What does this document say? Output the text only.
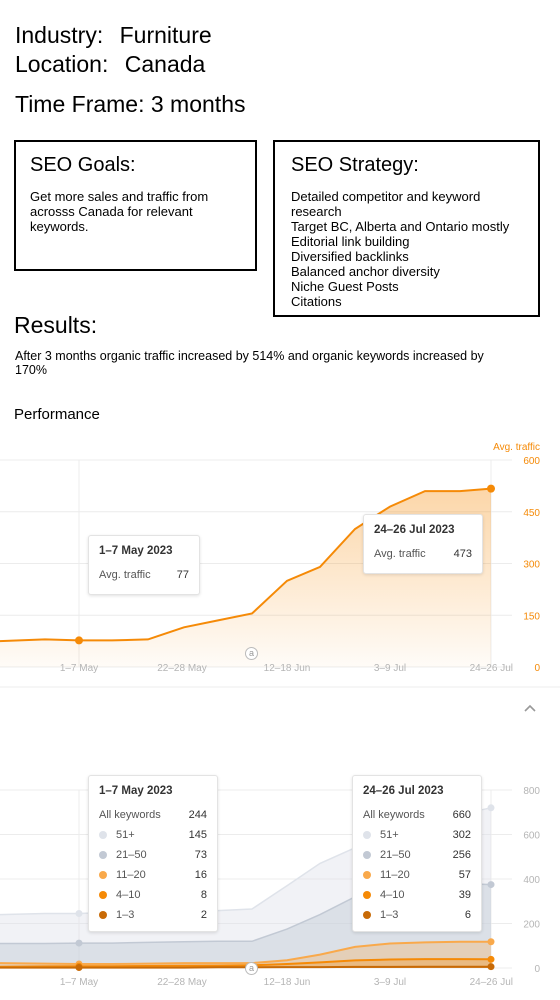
Industry: Furniture
Location: Canada
Time Frame: 3 months
SEO Goals:
Get more sales and traffic from acrosss Canada for relevant keywords.
SEO Strategy:
Detailed competitor and keyword research
Target BC, Alberta and Ontario mostly
Editorial link building
Diversified backlinks
Balanced anchor diversity
Niche Guest Posts
Citations
Results:
After 3 months organic traffic increased by 514% and organic keywords increased by 170%
Performance
Avg. traffic
0
150
300
450
600
1–7 May	22–28 May	12–18 Jun	3–9 Jul	24–26 Jul
a
1–7 May 2023
Avg. traffic 77
24–26 Jul 2023
Avg. traffic	473
0
200
400
600
800
1–7 May	22–28 May	12–18 Jun	3–9 Jul	24–26 Jul
a
1–7 May 2023
All keywords	244
51+	145
21–50	73
11–20	16
4–10	8
1–3	2
24–26 Jul 2023
All keywords	660
51+	302
21–50	256
11–20	57
4–10	39
1–3	6
